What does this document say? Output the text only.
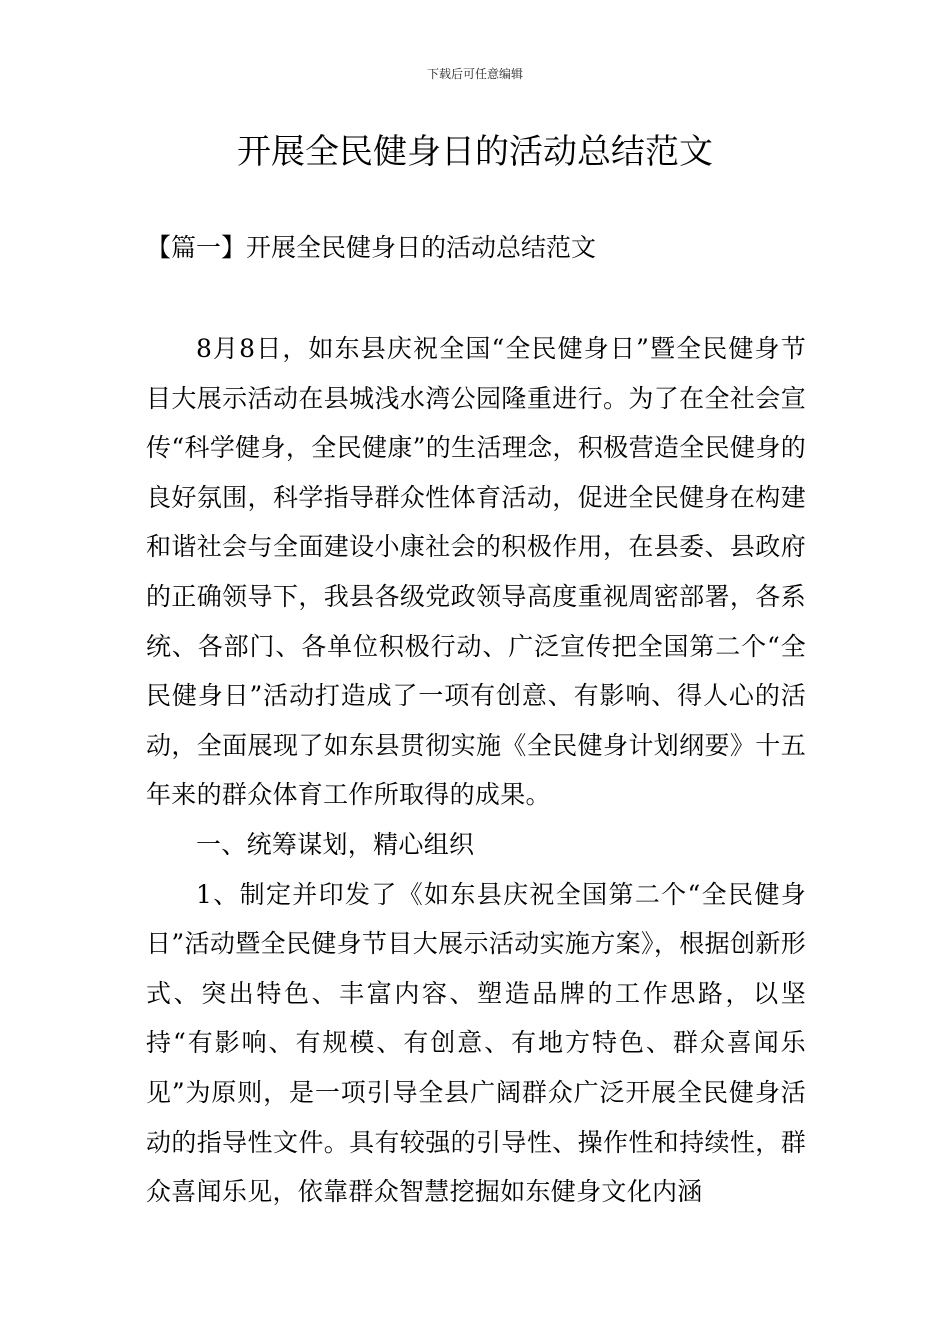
下载后可任意编辑
开展全民健身日的活动总结范文
【篇一】开展全民健身日的活动总结范文

8月8日，如东县庆祝全国“全民健身日”暨全民健身节目大展示活动在县城浅水湾公园隆重进行。为了在全社会宣传“科学健身，全民健康”的生活理念，积极营造全民健身的良好氛围，科学指导群众性体育活动，促进全民健身在构建和谐社会与全面建设小康社会的积极作用，在县委、县政府的正确领导下，我县各级党政领导高度重视周密部署，各系统、各部门、各单位积极行动、广泛宣传把全国第二个“全民健身日”活动打造成了一项有创意、有影响、得人心的活动，全面展现了如东县贯彻实施《全民健身计划纲要》十五年来的群众体育工作所取得的成果。

一、统筹谋划，精心组织

1、制定并印发了《如东县庆祝全国第二个“全民健身日”活动暨全民健身节目大展示活动实施方案》，根据创新形式、突出特色、丰富内容、塑造品牌的工作思路，以坚持“有影响、有规模、有创意、有地方特色、群众喜闻乐见”为原则，是一项引导全县广阔群众广泛开展全民健身活动的指导性文件。具有较强的引导性、操作性和持续性，群众喜闻乐见，依靠群众智慧挖掘如东健身文化内涵
